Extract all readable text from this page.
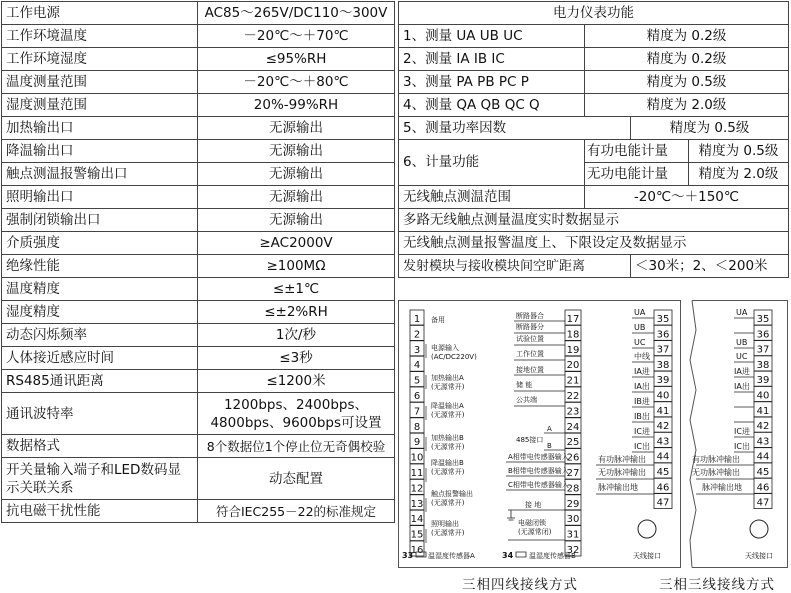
工作电源	AC85～265V/DC110～300V
工作环境温度	－20℃～＋70℃
工作环境湿度	≤95%RH
温度测量范围	－20℃～＋80℃
湿度测量范围	20%-99%RH
加热输出口	无源输出
降温输出口	无源输出
触点测温报警输出口	无源输出
照明输出口	无源输出
强制闭锁输出口	无源输出
介质强度	≥AC2000V
绝缘性能	≥100MΩ
温度精度	≤±1℃
湿度精度	≤±2%RH
动态闪烁频率	1次/秒
人体接近感应时间	≤3秒
RS485通讯距离	≤1200米
通讯波特率	1200bps、2400bps、4800bps、9600bps可设置
数据格式	8个数据位1个停止位无奇偶校验
开关量输入端子和LED数码显示关联关系	动态配置
抗电磁干扰性能	符合IEC255－22的标准规定
电力仪表功能			
1、测量 UA UB UC	精度为 0.2级		
2、测量 IA IB IC	精度为 0.2级		
3、测量 PA PB PC P	精度为 0.5级		
4、测量 QA QB QC Q	精度为 2.0级		
5、测量功率因数		精度为 0.5级	
6、计量功能	有功电能计量		精度为 0.5级
	无功电能计量		精度为 2.0级
无线触点测温范围	-20℃～＋150℃		
多路无线触点测量温度实时数据显示			
无线触点测量报警温度上、下限设定及数据显示			
发射模块与接收模块间空旷距离		＜30米；2、＜200米	
1
2
3
4
5
6
7
8
9
10
11
12
13
14
15
16
备用
电源输入
(AC/DC220V)
加热输出A
(无源常开)
降温输出A
(无源常开)
加热输出B
(无源常开)
降温输出B
(无源常开)
触点报警输出
(无源常开)
照明输出
(无源常开)
17
18
19
20
21
22
23
24
25
26
27
28
29
30
31
32
断路器合
断路器分
试验位置
工作位置
接地位置
储 能
公共端
485接口
A
B
A相带电传感器输入
B相带电传感器输入
C相带电传感器输入
接 地
电磁闭锁
(无源常闭)
33 温湿度传感器A	34 温湿度传感器B
35
36
37
38
39
40
41
42
43
44
45
46
47
UA
UB
UC
中线
IA进
IA出
IB进
IB出
IC进
IC出
有功脉冲输出
无功脉冲输出
脉冲输出地
天线接口
35
36
37
38
39
40
41
42
43
44
45
46
47
UA
UB
UC
IA进
IA出
IC进
IC出
有功脉冲输出
无功脉冲输出
脉冲输出地
天线接口
三相四线接线方式	三相三线接线方式
